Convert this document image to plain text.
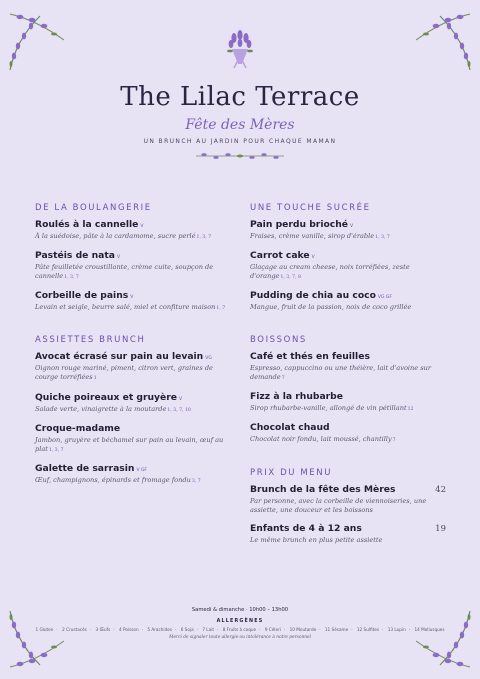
The Lilac Terrace
Fête des Mères
UN BRUNCH AU JARDIN POUR CHAQUE MAMAN
DE LA BOULANGERIE
Roulés à la cannelle V
À la suédoise, pâte à la cardamome, sucre perlé1, 3, 7
Pastéis de nata V
Pâte feuilletée croustillante, crème cuite, soupçon de cannelle1, 3, 7
Corbeille de pains V
Levain et seigle, beurre salé, miel et confiture maison1, 7
ASSIETTES BRUNCH
Avocat écrasé sur pain au levain VG
Oignon rouge mariné, piment, citron vert, graines de courge torréfiées1
Quiche poireaux et gruyère V
Salade verte, vinaigrette à la moutarde1, 3, 7, 10
Croque-madame
Jambon, gruyère et béchamel sur pain au levain, œuf au plat1, 3, 7
Galette de sarrasin V GF
Œuf, champignons, épinards et fromage fondu3, 7
UNE TOUCHE SUCRÉE
Pain perdu brioché V
Fraises, crème vanille, sirop d'érable1, 3, 7
Carrot cake V
Glaçage au cream cheese, noix torréfiées, zeste d'orange1, 3, 7, 8
Pudding de chia au coco VG GF
Mangue, fruit de la passion, noix de coco grillée
BOISSONS
Café et thés en feuilles
Espresso, cappuccino ou une théière, lait d'avoine sur demande7
Fizz à la rhubarbe
Sirop rhubarbe-vanille, allongé de vin pétillant12
Chocolat chaud
Chocolat noir fondu, lait moussé, chantilly7
PRIX DU MENU
Brunch de la fête des Mères	42
Par personne, avec la corbeille de viennoiseries, une assiette, une douceur et les boissons
Enfants de 4 à 12 ans	19
Le même brunch en plus petite assiette
Samedi & dimanche · 10h00 – 13h00
ALLERGÈNES
1 Gluten · 2 Crustacés · 3 Œufs · 4 Poisson · 5 Arachides · 6 Soja · 7 Lait · 8 Fruits à coque · 9 Céleri · 10 Moutarde · 11 Sésame · 12 Sulfites · 13 Lupin · 14 Mollusques
Merci de signaler toute allergie ou intolérance à notre personnel
